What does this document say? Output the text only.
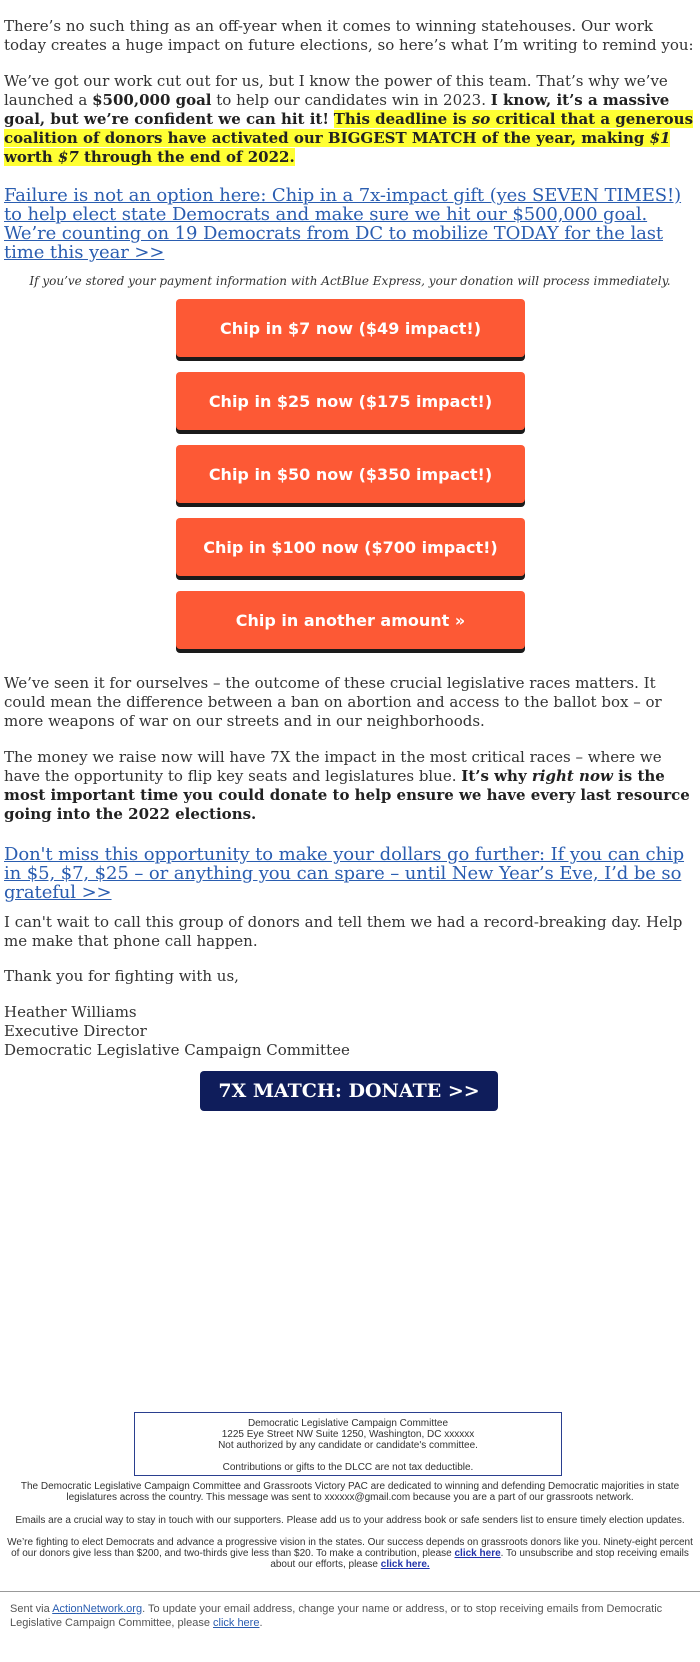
There’s no such thing as an off-year when it comes to winning statehouses. Our work today creates a huge impact on future elections, so here’s what I’m writing to remind you:

We’ve got our work cut out for us, but I know the power of this team. That’s why we’ve launched a $500,000 goal to help our candidates win in 2023. I know, it’s a massive goal, but we’re confident we can hit it! This deadline is so critical that a generous coalition of donors have activated our BIGGEST MATCH of the year, making $1 worth $7 through the end of 2022.

Failure is not an option here: Chip in a 7x-impact gift (yes SEVEN TIMES!) to help elect state Democrats and make sure we hit our $500,000 goal. We’re counting on 19 Democrats from DC to mobilize TODAY for the last time this year >>

If you’ve stored your payment information with ActBlue Express, your donation will process immediately.

Chip in $7 now ($49 impact!)
Chip in $25 now ($175 impact!)
Chip in $50 now ($350 impact!)
Chip in $100 now ($700 impact!)
Chip in another amount »

We’ve seen it for ourselves – the outcome of these crucial legislative races matters. It could mean the difference between a ban on abortion and access to the ballot box – or more weapons of war on our streets and in our neighborhoods.

The money we raise now will have 7X the impact in the most critical races – where we have the opportunity to flip key seats and legislatures blue. It’s why right now is the most important time you could donate to help ensure we have every last resource going into the 2022 elections.

Don't miss this opportunity to make your dollars go further: If you can chip in $5, $7, $25 – or anything you can spare – until New Year’s Eve, I’d be so grateful >>

I can't wait to call this group of donors and tell them we had a record-breaking day. Help me make that phone call happen.

Thank you for fighting with us,

Heather Williams
Executive Director
Democratic Legislative Campaign Committee
7X MATCH: DONATE >>
Democratic Legislative Campaign Committee
1225 Eye Street NW Suite 1250, Washington, DC xxxxxx
Not authorized by any candidate or candidate's committee.
Contributions or gifts to the DLCC are not tax deductible.

The Democratic Legislative Campaign Committee and Grassroots Victory PAC are dedicated to winning and defending Democratic majorities in state legislatures across the country. This message was sent to xxxxxx@gmail.com because you are a part of our grassroots network.

Emails are a crucial way to stay in touch with our supporters. Please add us to your address book or safe senders list to ensure timely election updates.

We’re fighting to elect Democrats and advance a progressive vision in the states. Our success depends on grassroots donors like you. Ninety-eight percent of our donors give less than $200, and two-thirds give less than $20. To make a contribution, please click here. To unsubscribe and stop receiving emails about our efforts, please click here.

Sent via ActionNetwork.org. To update your email address, change your name or address, or to stop receiving emails from Democratic Legislative Campaign Committee, please click here.
